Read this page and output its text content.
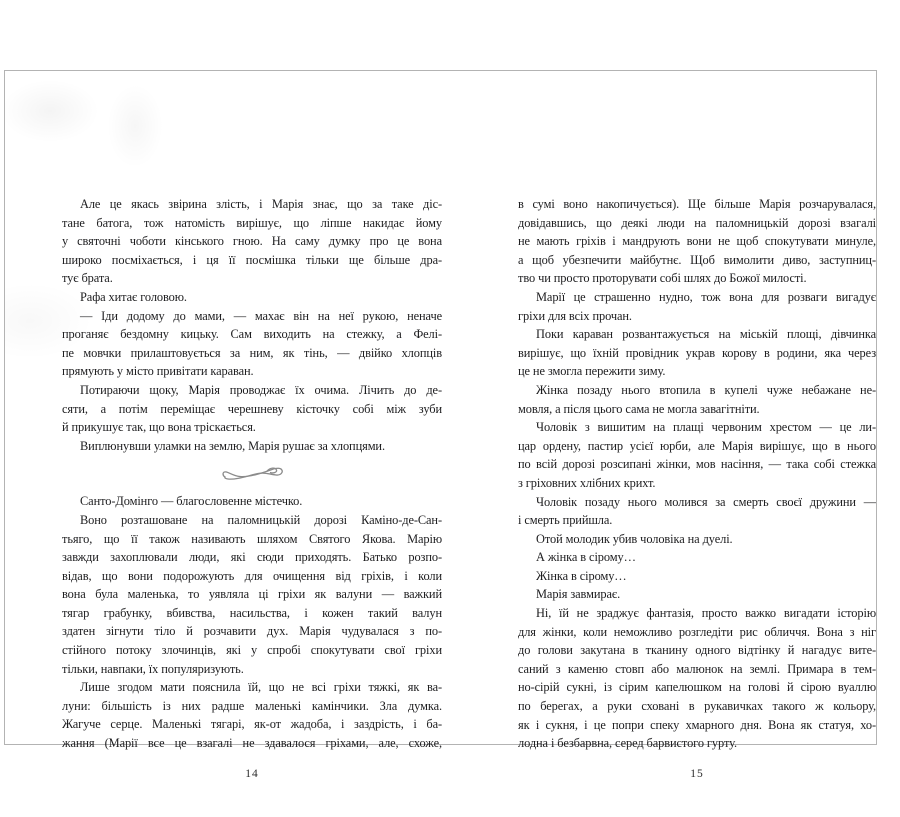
Але це якась звірина злість, і Марія знає, що за таке діс-
тане батога, тож натомість вирішує, що ліпше накидає йому
у святочні чоботи кінського гною. На саму думку про це вона
широко посміхається, і ця її посмішка тільки ще більше дра-
тує брата.
Рафа хитає головою.
— Іди додому до мами, — махає він на неї рукою, неначе
проганяє бездомну кицьку. Сам виходить на стежку, а Фелі-
пе мовчки прилаштовується за ним, як тінь, — двійко хлопців
прямують у місто привітати караван.
Потираючи щоку, Марія проводжає їх очима. Лічить до де-
сяти, а потім переміщає черешневу кісточку собі між зуби
й прикушує так, що вона тріскається.
Виплюнувши уламки на землю, Марія рушає за хлопцями.
Санто-Домінго — благословенне містечко.
Воно розташоване на паломницькій дорозі Каміно-де-Сан-
тьяго, що її також називають шляхом Святого Якова. Марію
завжди захоплювали люди, які сюди приходять. Батько розпо-
відав, що вони подорожують для очищення від гріхів, і коли
вона була маленька, то уявляла ці гріхи як валуни — важкий
тягар грабунку, вбивства, насильства, і кожен такий валун
здатен зігнути тіло й розчавити дух. Марія чудувалася з по-
стійного потоку злочинців, які у спробі спокутувати свої гріхи
тільки, навпаки, їх популяризують.
Лише згодом мати пояснила їй, що не всі гріхи тяжкі, як ва-
луни: більшість із них радше маленькі камінчики. Зла думка.
Жагуче серце. Маленькі тягарі, як-от жадоба, і заздрість, і ба-
жання (Марії все це взагалі не здавалося гріхами, але, схоже,
в сумі воно накопичується). Ще більше Марія розчарувалася,
довідавшись, що деякі люди на паломницькій дорозі взагалі
не мають гріхів і мандрують вони не щоб спокутувати минуле,
а щоб убезпечити майбутнє. Щоб вимолити диво, заступниц-
тво чи просто проторувати собі шлях до Божої милості.
Марії це страшенно нудно, тож вона для розваги вигадує
гріхи для всіх прочан.
Поки караван розвантажується на міській площі, дівчинка
вирішує, що їхній провідник украв корову в родини, яка через
це не змогла пережити зиму.
Жінка позаду нього втопила в купелі чуже небажане не-
мовля, а після цього сама не могла завагітніти.
Чоловік з вишитим на плащі червоним хрестом — це ли-
цар ордену, пастир усієї юрби, але Марія вирішує, що в нього
по всій дорозі розсипані жінки, мов насіння, — така собі стежка
з гріховних хлібних крихт.
Чоловік позаду нього молився за смерть своєї дружини —
і смерть прийшла.
Отой молодик убив чоловіка на дуелі.
А жінка в сірому…
Жінка в сірому…
Марія завмирає.
Ні, їй не зраджує фантазія, просто важко вигадати історію
для жінки, коли неможливо розгледіти рис обличчя. Вона з ніг
до голови закутана в тканину одного відтінку й нагадує вите-
саний з каменю стовп або малюнок на землі. Примара в тем-
но-сірій сукні, із сірим капелюшком на голові й сірою вуаллю
по берегах, а руки сховані в рукавичках такого ж кольору,
як і сукня, і це попри спеку хмарного дня. Вона як статуя, хо-
лодна і безбарвна, серед барвистого гурту.
14	15
